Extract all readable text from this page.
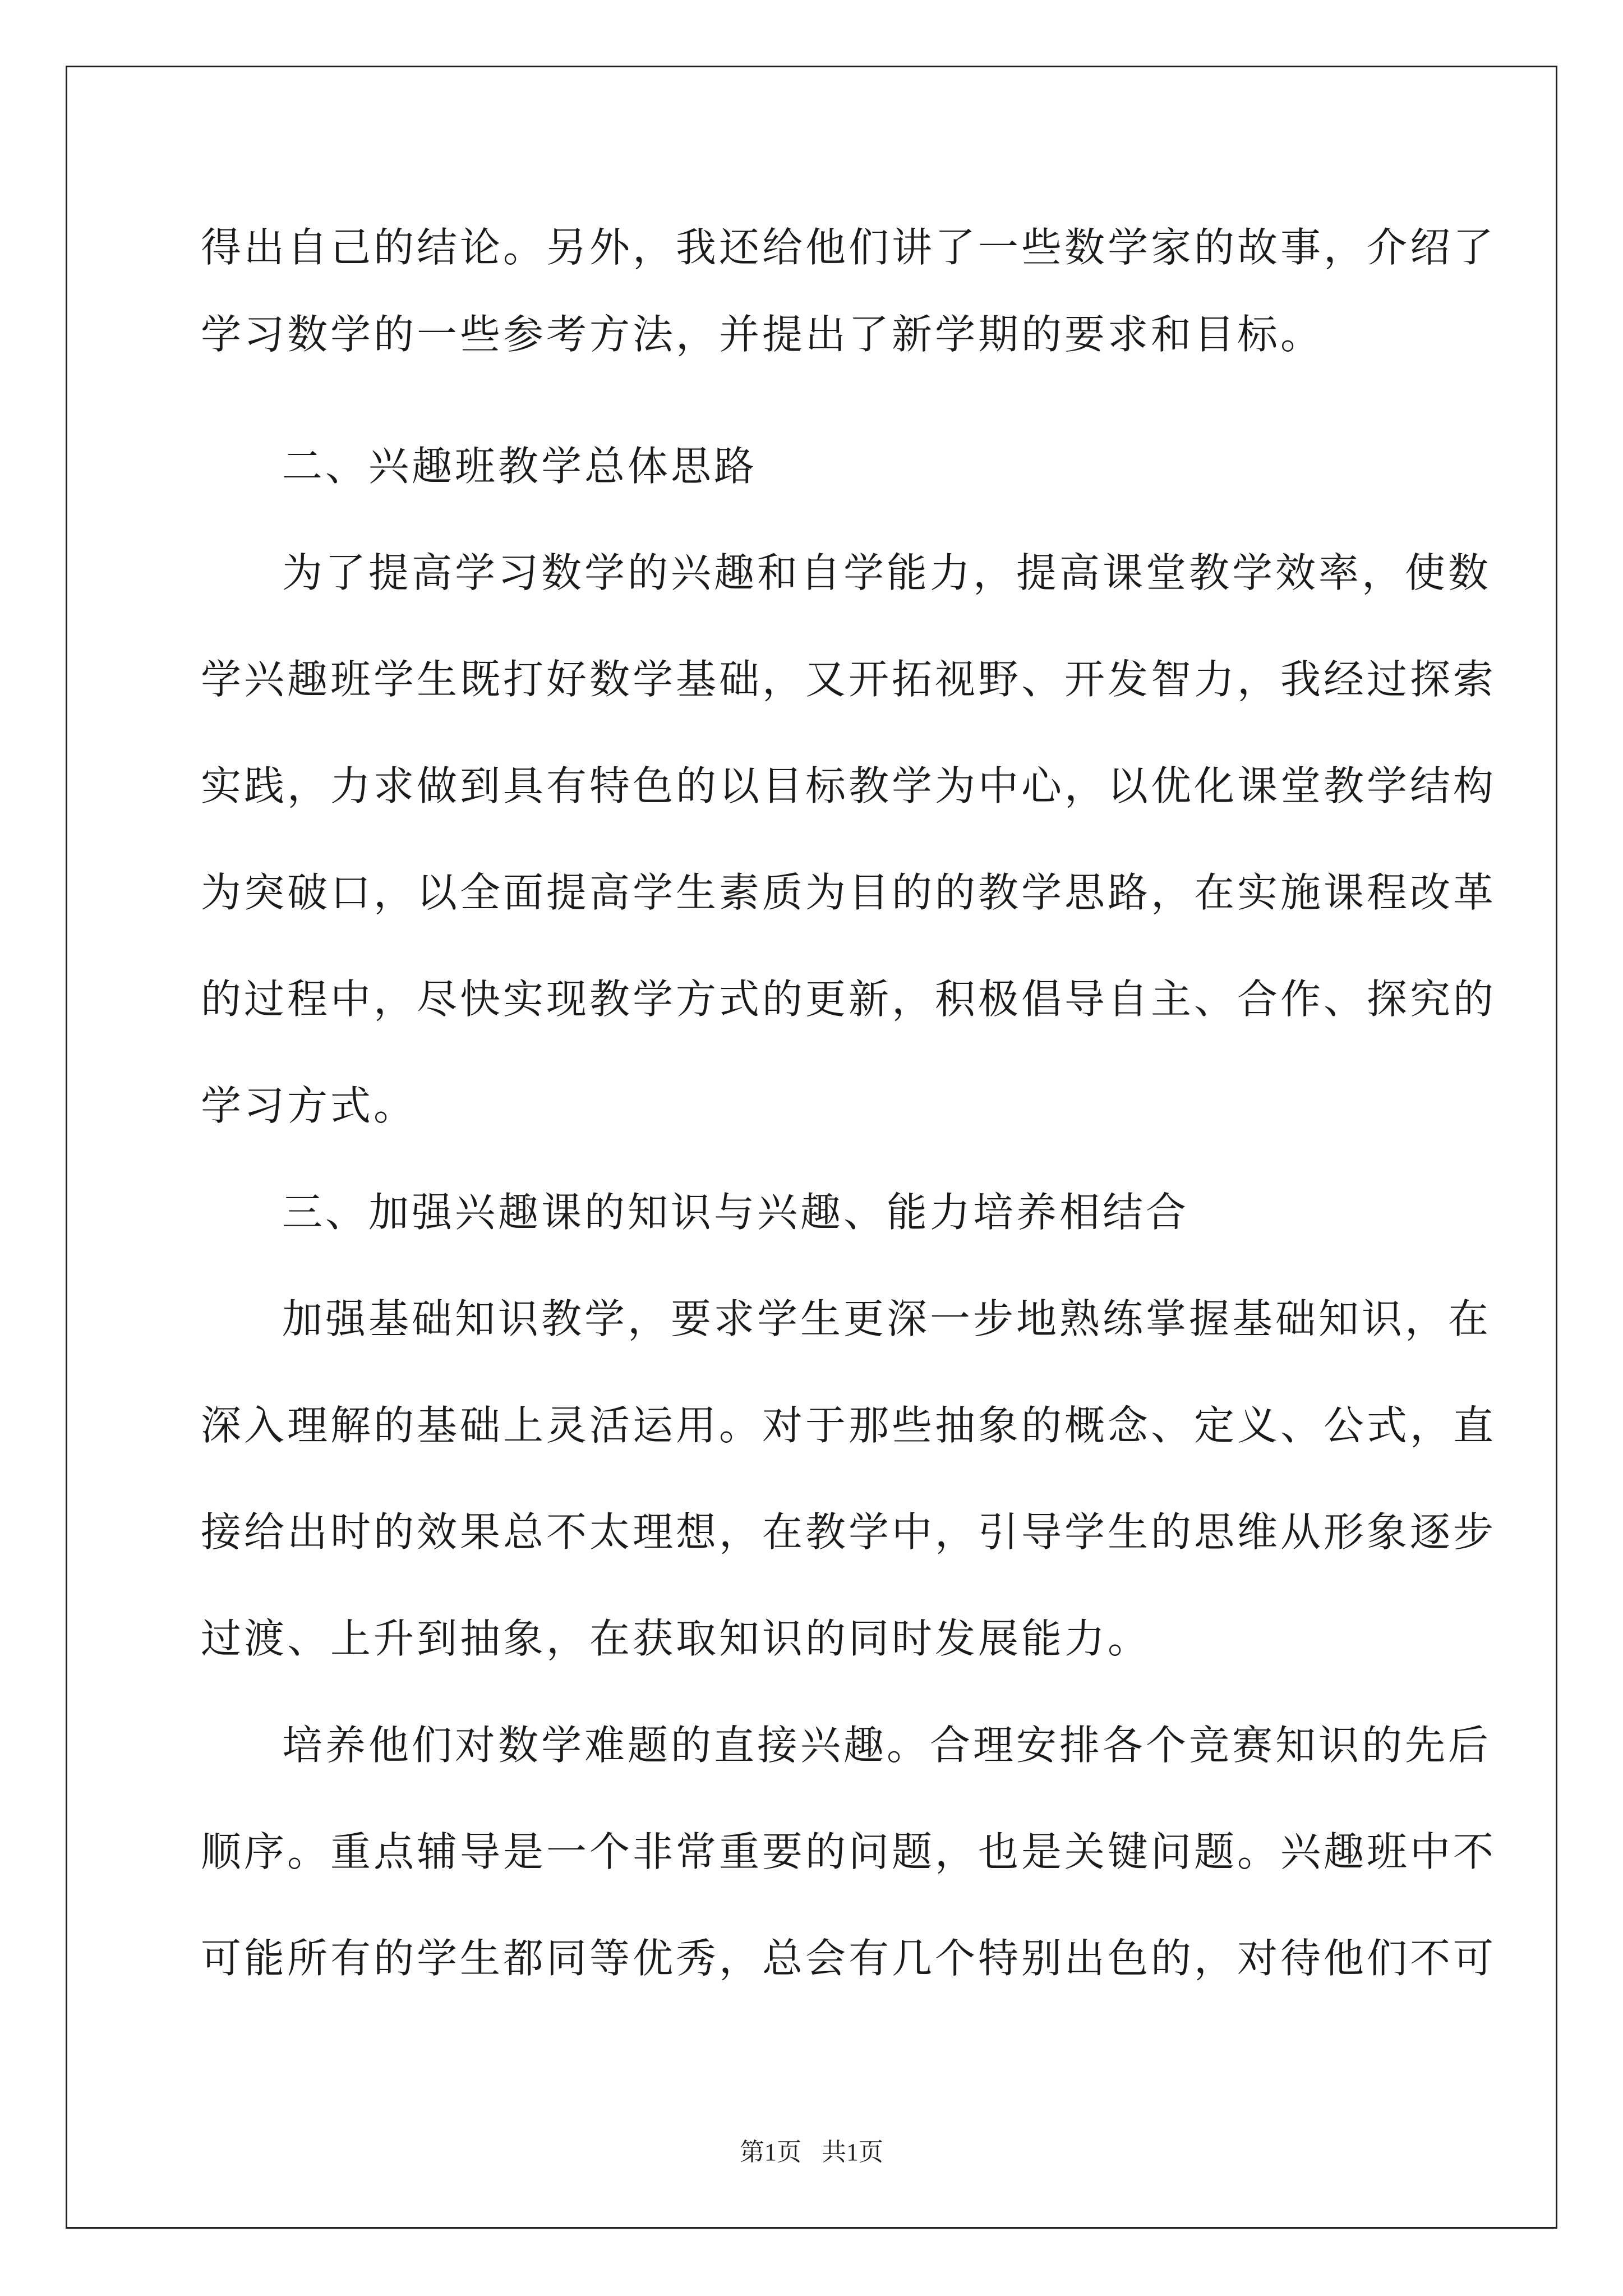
得出自己的结论。另外，我还给他们讲了一些数学家的故事，介绍了
学习数学的一些参考方法，并提出了新学期的要求和目标。
二、兴趣班教学总体思路
为了提高学习数学的兴趣和自学能力，提高课堂教学效率，使数
学兴趣班学生既打好数学基础，又开拓视野、开发智力，我经过探索
实践，力求做到具有特色的以目标教学为中心，以优化课堂教学结构
为突破口，以全面提高学生素质为目的的教学思路，在实施课程改革
的过程中，尽快实现教学方式的更新，积极倡导自主、合作、探究的
学习方式。
三、加强兴趣课的知识与兴趣、能力培养相结合
加强基础知识教学，要求学生更深一步地熟练掌握基础知识，在
深入理解的基础上灵活运用。对于那些抽象的概念、定义、公式，直
接给出时的效果总不太理想，在教学中，引导学生的思维从形象逐步
过渡、上升到抽象，在获取知识的同时发展能力。
培养他们对数学难题的直接兴趣。合理安排各个竞赛知识的先后
顺序。重点辅导是一个非常重要的问题，也是关键问题。兴趣班中不
可能所有的学生都同等优秀，总会有几个特别出色的，对待他们不可
第1页 共1页
